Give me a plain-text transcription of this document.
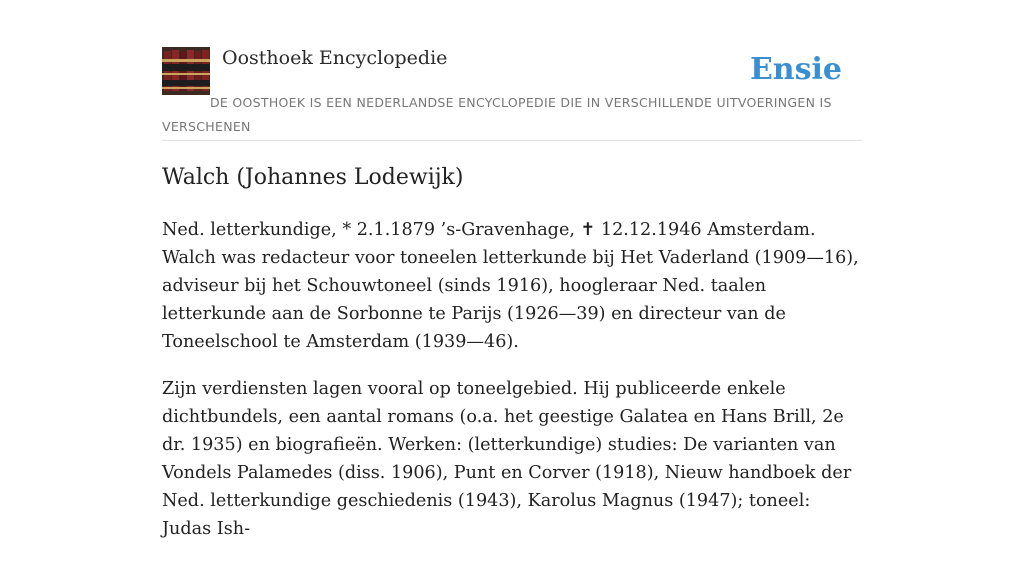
Oosthoek Encyclopedie	Ensie
DE OOSTHOEK IS EEN NEDERLANDSE ENCYCLOPEDIE DIE IN VERSCHILLENDE UITVOERINGEN IS VERSCHENEN
Walch (Johannes Lodewijk)

Ned. letterkundige, * 2.1.1879 ’s-Gravenhage, ✝ 12.12.1946 Amsterdam. Walch was redacteur voor toneelen letterkunde bij Het Vaderland (1909—16), adviseur bij het Schouwtoneel (sinds 1916), hoogleraar Ned. taalen letterkunde aan de Sorbonne te Parijs (1926—39) en directeur van de Toneelschool te Amsterdam (1939—46).

Zijn verdiensten lagen vooral op toneelgebied. Hij publiceerde enkele dichtbundels, een aantal romans (o.a. het geestige Galatea en Hans Brill, 2e dr. 1935) en biografieën. Werken: (letterkundige) studies: De varianten van Vondels Palamedes (diss. 1906), Punt en Corver (1918), Nieuw handboek der Ned. letterkundige geschiedenis (1943), Karolus Magnus (1947); toneel: Judas Ish-
